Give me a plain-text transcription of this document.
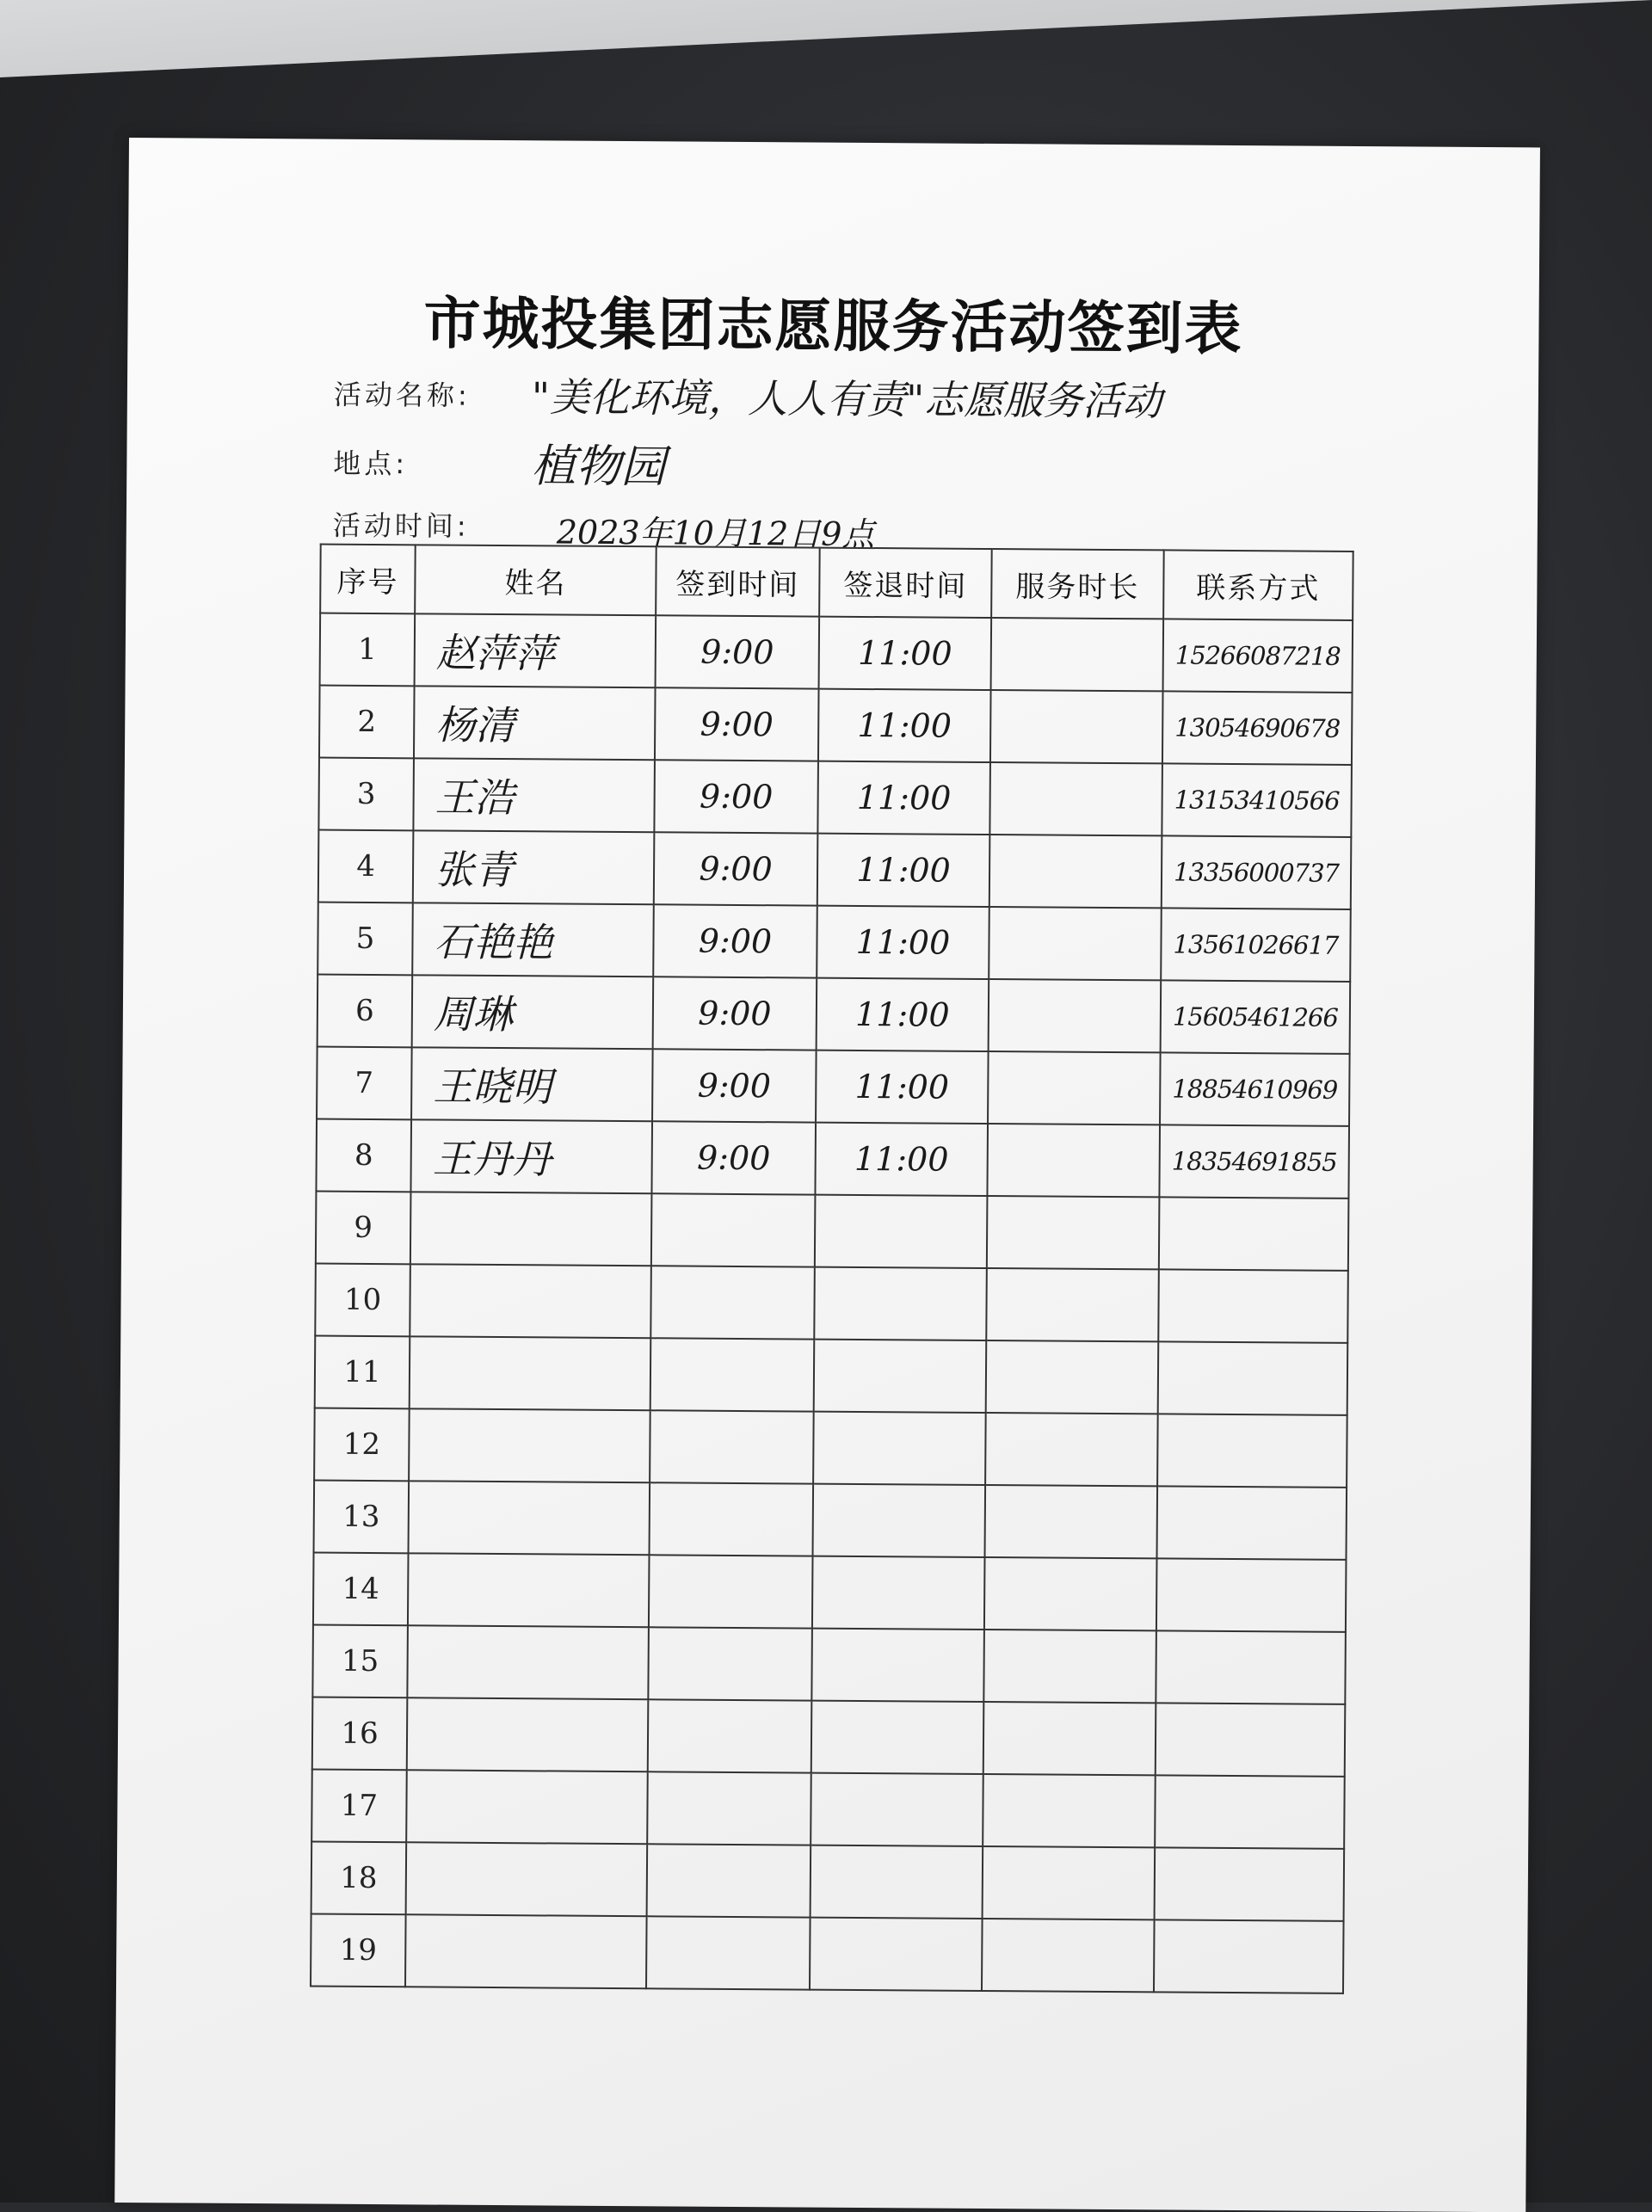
市城投集团志愿服务活动签到表
活动名称: "美化环境，人人有责"志愿服务活动
地点:	植物园
活动时间:	2023年10月12日9点
序号	姓名	签到时间	签退时间	服务时长	联系方式
1	赵萍萍	9:00	11:00		15266087218
2	杨清	9:00	11:00		13054690678
3	王浩	9:00	11:00		13153410566
4	张青	9:00	11:00		13356000737
5	石艳艳	9:00	11:00		13561026617
6	周琳	9:00	11:00		15605461266
7	王晓明	9:00	11:00		18854610969
8	王丹丹	9:00	11:00		18354691855
9					
10					
11					
12					
13					
14					
15					
16					
17					
18					
19					
